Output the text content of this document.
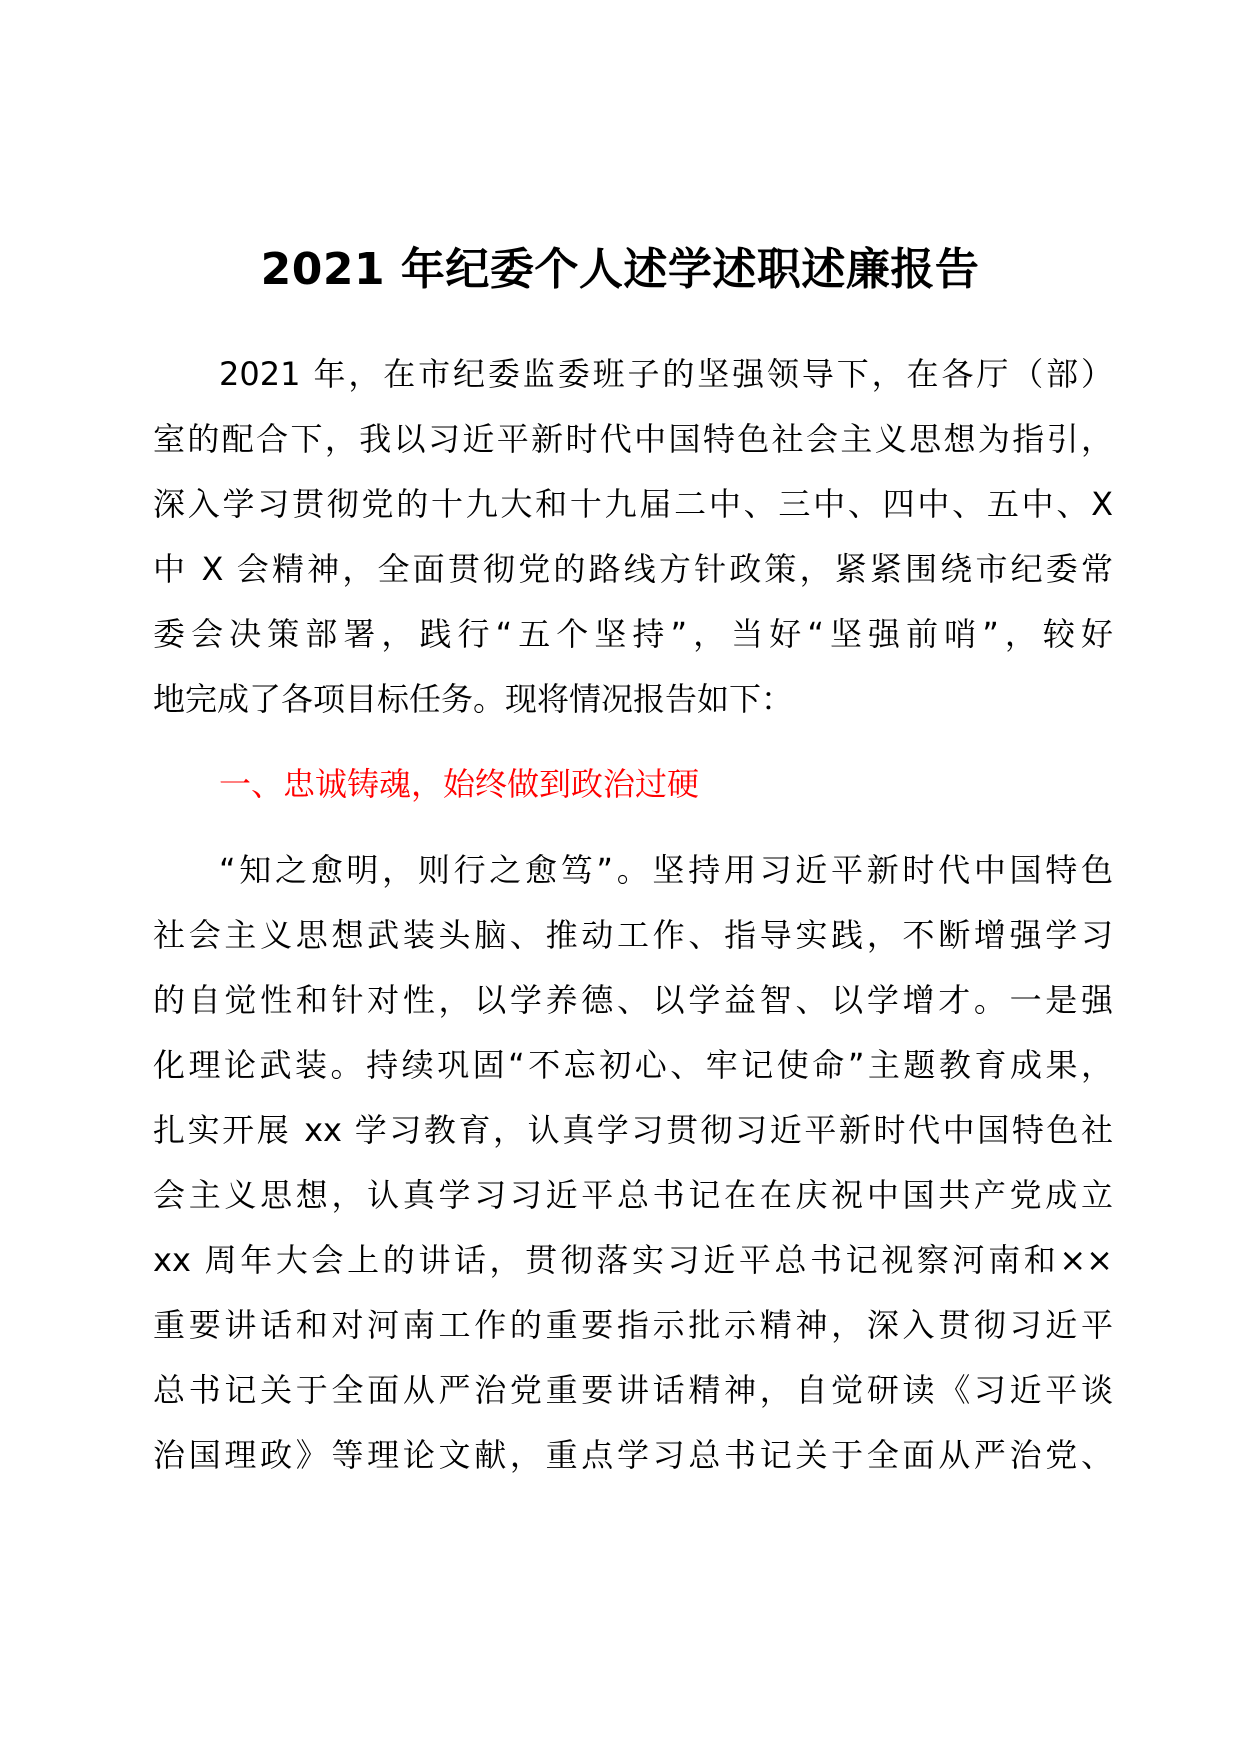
2021 年纪委个人述学述职述廉报告
2021 年，在市纪委监委班子的坚强领导下，在各厅（部）
室的配合下，我以习近平新时代中国特色社会主义思想为指引，
深入学习贯彻党的十九大和十九届二中、三中、四中、五中、X
中 X 会精神，全面贯彻党的路线方针政策，紧紧围绕市纪委常
委会决策部署，践行“五个坚持”，当好“坚强前哨”，较好
地完成了各项目标任务。现将情况报告如下：
一、忠诚铸魂，始终做到政治过硬
“知之愈明，则行之愈笃”。坚持用习近平新时代中国特色
社会主义思想武装头脑、推动工作、指导实践，不断增强学习
的自觉性和针对性，以学养德、以学益智、以学增才。一是强
化理论武装。持续巩固“不忘初心、牢记使命”主题教育成果，
扎实开展 xx 学习教育，认真学习贯彻习近平新时代中国特色社
会主义思想，认真学习习近平总书记在在庆祝中国共产党成立
xx 周年大会上的讲话，贯彻落实习近平总书记视察河南和××
重要讲话和对河南工作的重要指示批示精神，深入贯彻习近平
总书记关于全面从严治党重要讲话精神，自觉研读《习近平谈
治国理政》等理论文献，重点学习总书记关于全面从严治党、
